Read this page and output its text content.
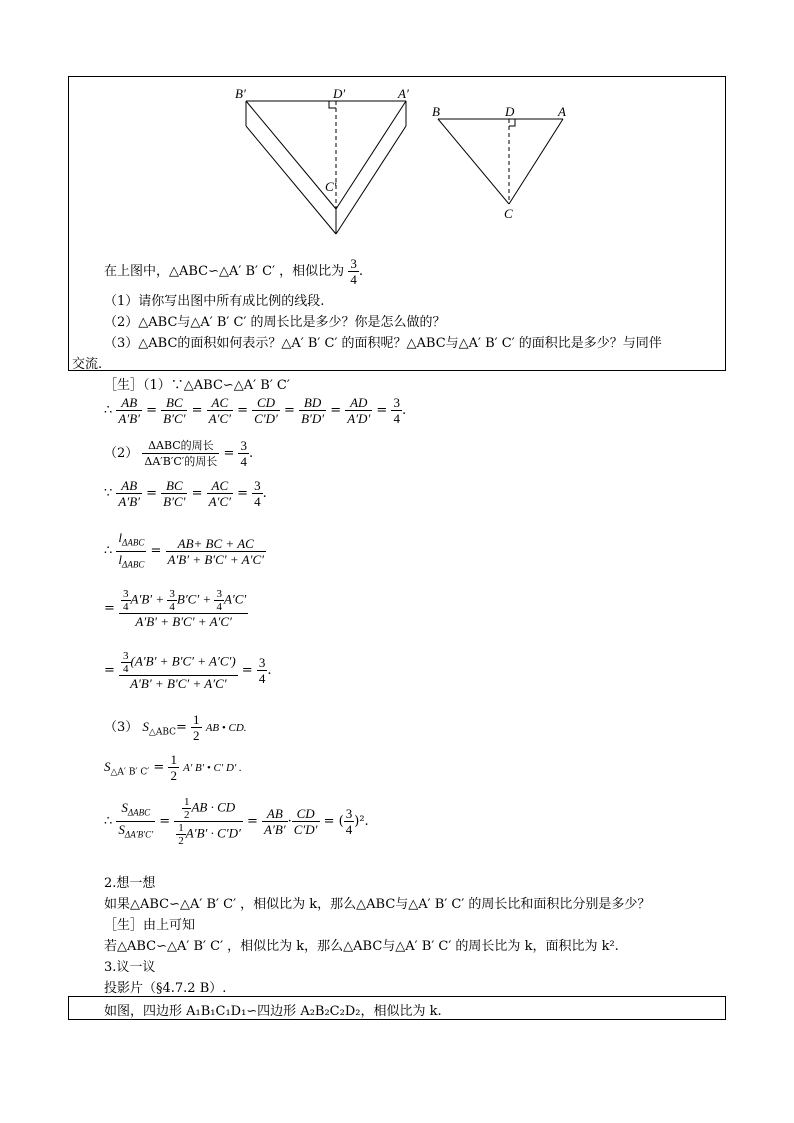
B′	D′	A′
C′
B	D	A
C
在上图中，△ABC∽△A′ B′ C′ ，相似比为 $\frac{3}{4}$ .
（1）请你写出图中所有成比例的线段.
（2）△ABC与△A′ B′ C′ 的周长比是多少？你是怎么做的？
（3）△ABC的面积如何表示？△A′ B′ C′ 的面积呢？△ABC与△A′ B′ C′ 的面积比是多少？与同伴
交流.
［生］（1）∵△ABC∽△A′ B′ C′
∴ $\frac{AB}{A'B'} = \frac{BC}{B'C'} = \frac{AC}{A'C'} = \frac{CD}{C'D'} = \frac{BD}{B'D'} = \frac{AD}{A'D'} = \frac{3}{4}$ .
$(2) \frac{\text{ΔABC的周长}}{\text{ΔA′B′C′的周长}} = \frac{3}{4}$ .
∵ $\frac{AB}{A'B'} = \frac{BC}{B'C'} = \frac{AC}{A'C'} = \frac{3}{4}$ .
∴ $\frac{l_{\Delta ABC}}{l_{\Delta ABC}} = \frac{AB+ BC + AC}{A'B' + B'C' + A'C'}$
= $\frac{\frac{3}{4} A'B' + \frac{3}{4} B'C' + \frac{3}{4} A'C'}{A'B' + B'C' + A'C'}$
= $\frac{\frac{3}{4} (A'B' + B'C' + A'C')}{A'B' + B'C' + A'C'} = \frac{3}{4}$ .
（3） $S_{\triangle ABC}= \frac{1}{2}$ AB • CD.
$S_{\triangle A' B' C'} = \frac{1}{2} A'$ B′ • C′ D′ .
∴ $\frac{S_{\Delta ABC}}{S_{\Delta A'B'C'}} = \frac{\frac{1}{2} AB \cdot CD}{\frac{1}{2} A'B' \cdot C'D'} = \frac{AB}{A'B'} \cdot \frac{CD}{C'D'}$ = ( $\frac{3}{4} )^2$.
2.想一想
如果△ABC∽△A′ B′ C′ ，相似比为 k，那么△ABC与△A′ B′ C′ 的周长比和面积比分别是多少？
［生］由上可知
若△ABC∽△A′ B′ C′ ，相似比为 k，那么△ABC与△A′ B′ C′ 的周长比为 k，面积比为 k².
3.议一议
投影片（§4.7.2 B）.
如图，四边形 A₁B₁C₁D₁∽四边形 A₂B₂C₂D₂，相似比为 k.
